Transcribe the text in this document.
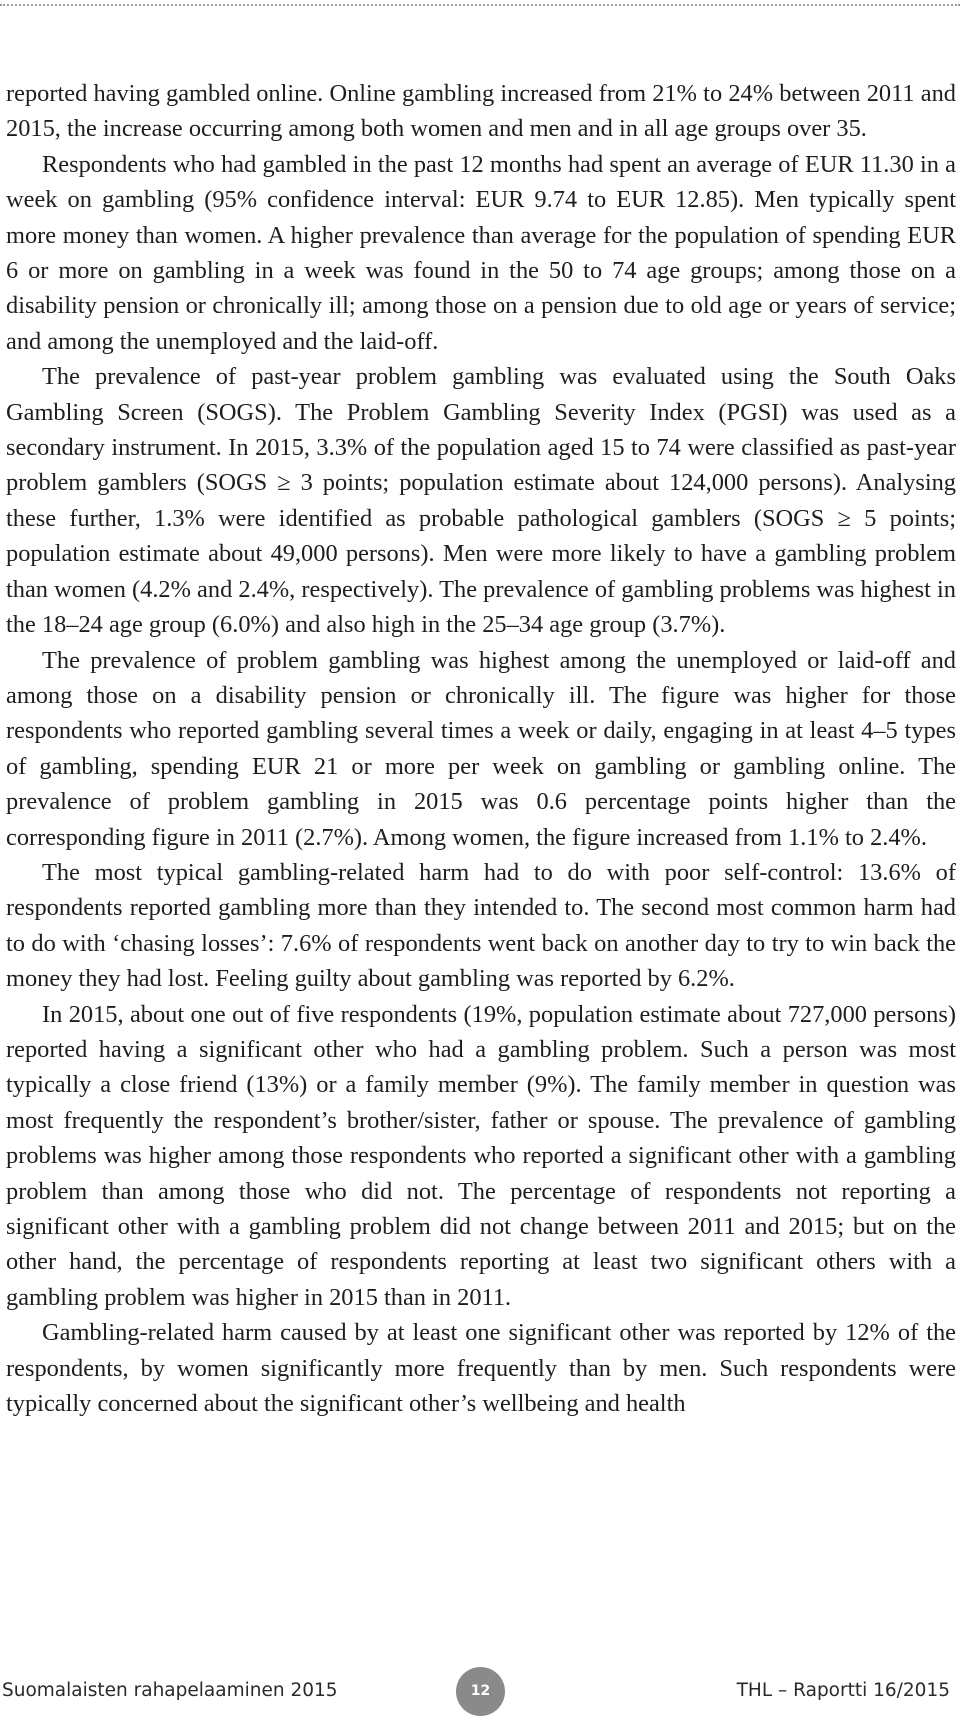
reported having gambled online. Online gambling increased from 21% to 24% between 2011 and 2015, the increase occurring among both women and men and in all age groups over 35.

Respondents who had gambled in the past 12 months had spent an average of EUR 11.30 in a week on gambling (95% confidence interval: EUR 9.74 to EUR 12.85). Men typically spent more money than women. A higher prevalence than average for the population of spending EUR 6 or more on gambling in a week was found in the 50 to 74 age groups; among those on a disability pension or chronically ill; among those on a pension due to old age or years of service; and among the unemployed and the laid-off.

The prevalence of past-year problem gambling was evaluated using the South Oaks Gambling Screen (SOGS). The Problem Gambling Severity Index (PGSI) was used as a secondary instrument. In 2015, 3.3% of the population aged 15 to 74 were classified as past-year problem gamblers (SOGS ≥ 3 points; population estimate about 124,000 persons). Analysing these further, 1.3% were identified as probable pathological gamblers (SOGS ≥ 5 points; population estimate about 49,000 persons). Men were more likely to have a gambling problem than women (4.2% and 2.4%, respectively). The prevalence of gambling problems was highest in the 18–24 age group (6.0%) and also high in the 25–34 age group (3.7%).

The prevalence of problem gambling was highest among the unemployed or laid-off and among those on a disability pension or chronically ill. The figure was higher for those respondents who reported gambling several times a week or daily, engaging in at least 4–5 types of gambling, spending EUR 21 or more per week on gambling or gambling online. The prevalence of problem gambling in 2015 was 0.6 percentage points higher than the corresponding figure in 2011 (2.7%). Among women, the figure increased from 1.1% to 2.4%.

The most typical gambling-related harm had to do with poor self-control: 13.6% of respondents reported gambling more than they intended to. The second most common harm had to do with ‘chasing losses’: 7.6% of respondents went back on another day to try to win back the money they had lost. Feeling guilty about gambling was reported by 6.2%.

In 2015, about one out of five respondents (19%, population estimate about 727,000 persons) reported having a significant other who had a gambling problem. Such a person was most typically a close friend (13%) or a family member (9%). The family member in question was most frequently the respondent’s brother/sister, father or spouse. The prevalence of gambling problems was higher among those respondents who reported a significant other with a gambling problem than among those who did not. The percentage of respondents not reporting a significant other with a gambling problem did not change between 2011 and 2015; but on the other hand, the percentage of respondents reporting at least two significant others with a gambling problem was higher in 2015 than in 2011.

Gambling-related harm caused by at least one significant other was reported by 12% of the respondents, by women significantly more frequently than by men. Such respondents were typically concerned about the significant other’s wellbeing and health

Suomalaisten rahapelaaminen 2015	12	THL – Raportti 16/2015
